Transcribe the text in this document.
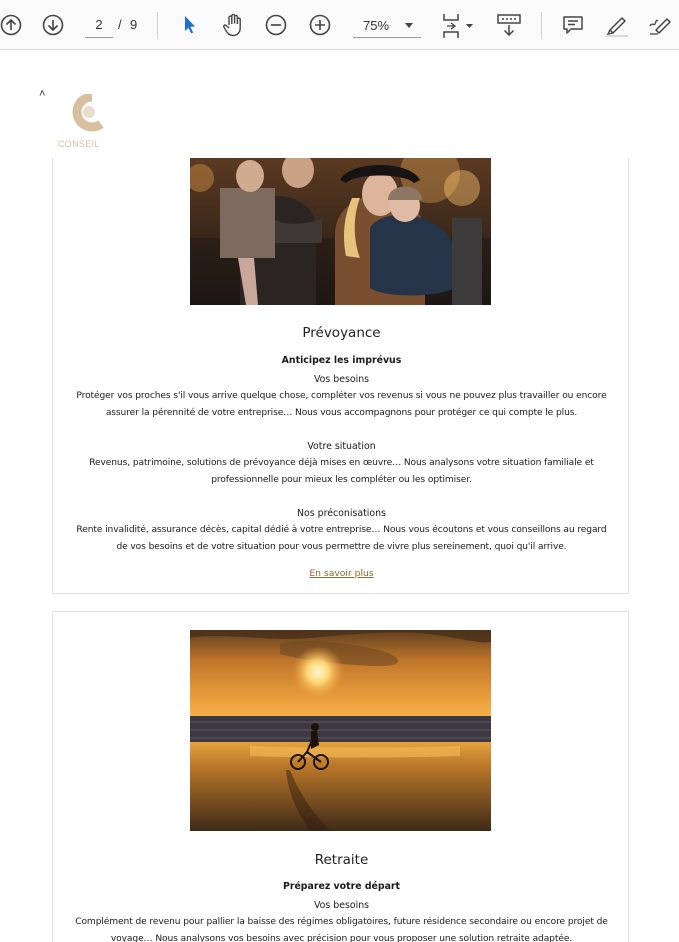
2	/ 9	75%
˄
CONSEIL
Prévoyance
Anticipez les imprévus
Vos besoins
Protéger vos proches s'il vous arrive quelque chose, compléter vos revenus si vous ne pouvez plus travailler ou encore
assurer la pérennité de votre entreprise… Nous vous accompagnons pour protéger ce qui compte le plus.
Votre situation
Revenus, patrimoine, solutions de prévoyance déjà mises en œuvre… Nous analysons votre situation familiale et
professionnelle pour mieux les compléter ou les optimiser.
Nos préconisations
Rente invalidité, assurance décès, capital dédié à votre entreprise… Nous vous écoutons et vous conseillons au regard
de vos besoins et de votre situation pour vous permettre de vivre plus sereinement, quoi qu'il arrive.
En savoir plus
Retraite
Préparez votre départ
Vos besoins
Complément de revenu pour pallier la baisse des régimes obligatoires, future résidence secondaire ou encore projet de
voyage… Nous analysons vos besoins avec précision pour vous proposer une solution retraite adaptée.
